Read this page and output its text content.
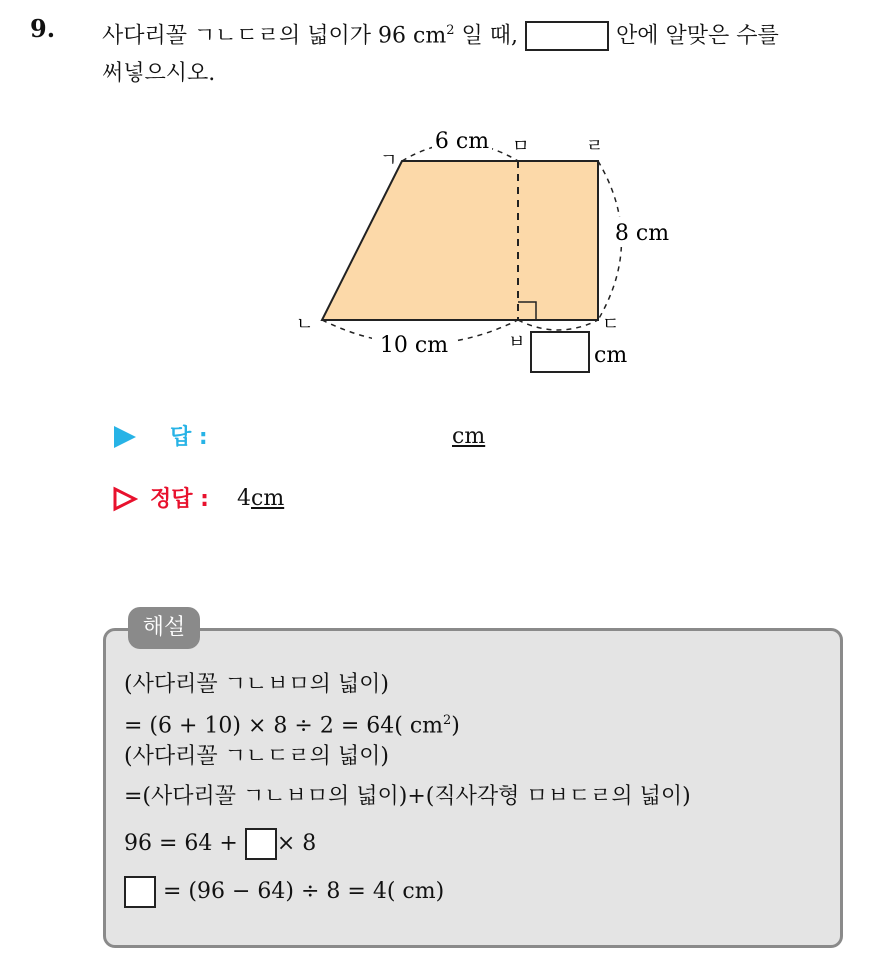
9. 사다리꼴 ㄱㄴㄷㄹ의 넓이가 96 $cm^2$ 일 때,	안에 알맞은 수를
써넣으시오.
6 cm
8 cm
10 cm
ㄱ
ㄴ	ㄷ
ㄹ
ㅁ
ㅂ
cm
답 :	cm
정답 : 4cm
해설
(사다리꼴 ㄱㄴㅂㅁ의 넓이)
= (6 + 10) × 8 ÷ 2 = 64( $cm^2$)
(사다리꼴 ㄱㄴㄷㄹ의 넓이)
=(사다리꼴 ㄱㄴㅂㅁ의 넓이)+(직사각형 ㅁㅂㄷㄹ의 넓이)
96 = 64 + × 8
= (96 − 64) ÷ 8 = 4( cm)
